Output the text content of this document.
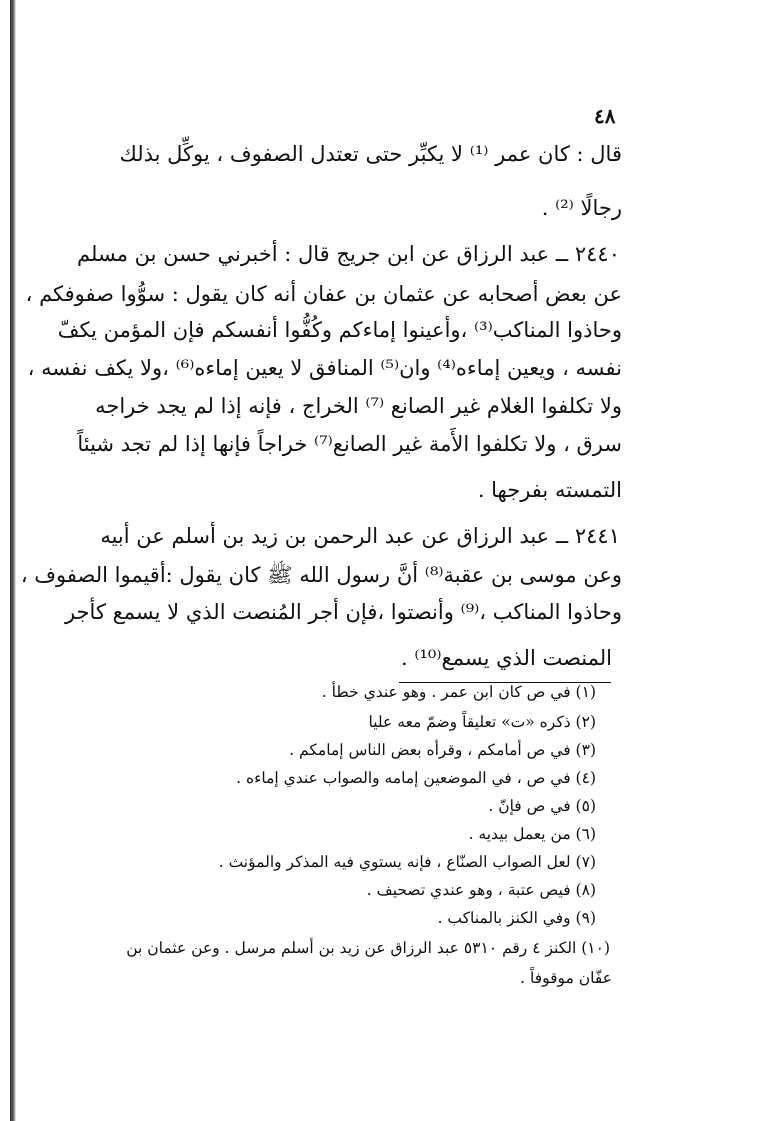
٤٨
قال : كان عمر ⁽¹⁾ لا يكبِّر حتى تعتدل الصفوف ، يوكِّل بذلك
رجالًا ⁽²⁾ .
٢٤٤٠ ــ عبد الرزاق عن ابن جريج قال : أخبرني حسن بن مسلم
عن بعض أصحابه عن عثمان بن عفان أنه كان يقول : سوُّوا صفوفكم ،
وحاذوا المناكب⁽³⁾ ،وأعينوا إماءكم وكُفُّوا أنفسكم فإن المؤمن يكفّ
نفسه ، ويعين إماءه⁽⁴⁾ وان⁽⁵⁾ المنافق لا يعين إماءه⁽⁶⁾ ،ولا يكف نفسه ،
ولا تكلفوا الغلام غير الصانع ⁽⁷⁾ الخراج ، فإنه إذا لم يجد خراجه
سرق ، ولا تكلفوا الأَمة غير الصانع⁽⁷⁾ خراجاً فإنها إذا لم تجد شيئاً
التمسته بفرجها .
٢٤٤١ ــ عبد الرزاق عن عبد الرحمن بن زيد بن أسلم عن أبيه
وعن موسى بن عقبة⁽⁸⁾ أنَّ رسول الله ﷺ كان يقول :أقيموا الصفوف ،
وحاذوا المناكب ،⁽⁹⁾ وأنصتوا ،فإن أجر المُنصت الذي لا يسمع كأجر
المنصت الذي يسمع⁽¹⁰⁾ .
(١) في ص كان ابن عمر . وهو عندي خطأ .
(٢) ذكره «ت» تعليقاً وضمّ معه عليا
(٣) في ص أمامكم ، وقرأه بعض الناس إمامكم .
(٤) في ص ، في الموضعين إمامه والصواب عندي إماءه .
(٥) في ص فإنّ .
(٦) من يعمل بيديه .
(٧) لعل الصواب الصنّاع ، فإنه يستوي فيه المذكر والمؤنث .
(٨) فيص عتبة ، وهو عندي تصحيف .
(٩) وفي الكنز بالمناكب .
(١٠) الكنز ٤ رقم ٥٣١٠ عبد الرزاق عن زيد بن أسلم مرسل . وعن عثمان بن
عفّان موقوفاً .
